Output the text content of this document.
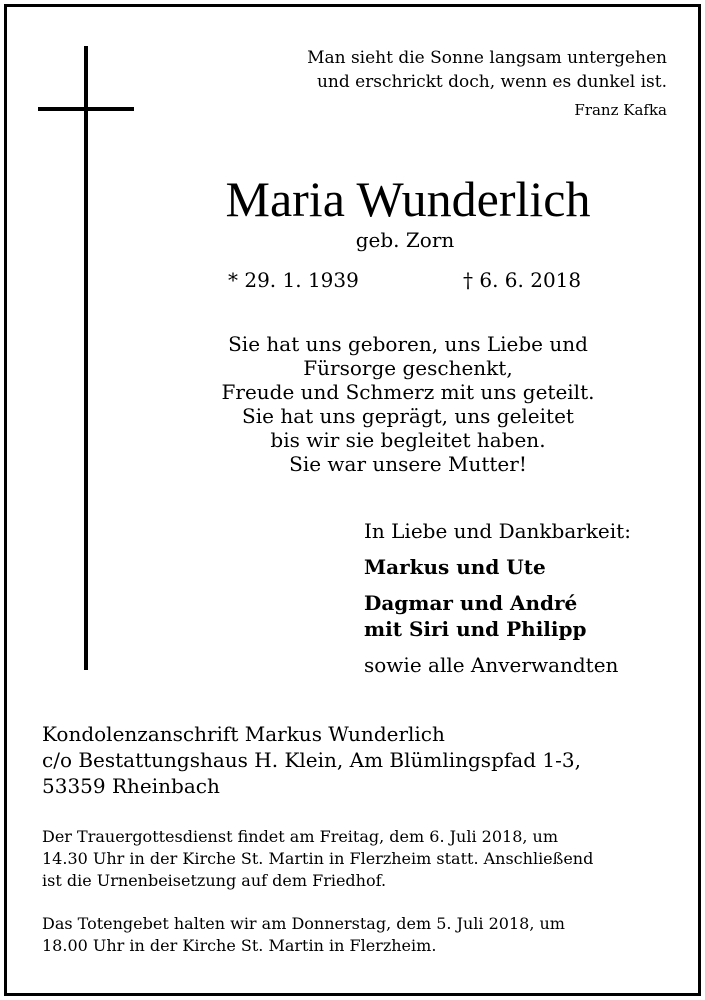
Man sieht die Sonne langsam untergehen
und erschrickt doch, wenn es dunkel ist.
Franz Kafka
Maria Wunderlich
geb. Zorn
* 29. 1. 1939	† 6. 6. 2018
Sie hat uns geboren, uns Liebe und
Fürsorge geschenkt,
Freude und Schmerz mit uns geteilt.
Sie hat uns geprägt, uns geleitet
bis wir sie begleitet haben.
Sie war unsere Mutter!
In Liebe und Dankbarkeit:
Markus und Ute
Dagmar und André
mit Siri und Philipp
sowie alle Anverwandten
Kondolenzanschrift Markus Wunderlich
c/o Bestattungshaus H. Klein, Am Blümlingspfad 1-3,
53359 Rheinbach
Der Trauergottesdienst findet am Freitag, dem 6. Juli 2018, um
14.30 Uhr in der Kirche St. Martin in Flerzheim statt. Anschließend
ist die Urnenbeisetzung auf dem Friedhof.
Das Totengebet halten wir am Donnerstag, dem 5. Juli 2018, um
18.00 Uhr in der Kirche St. Martin in Flerzheim.
